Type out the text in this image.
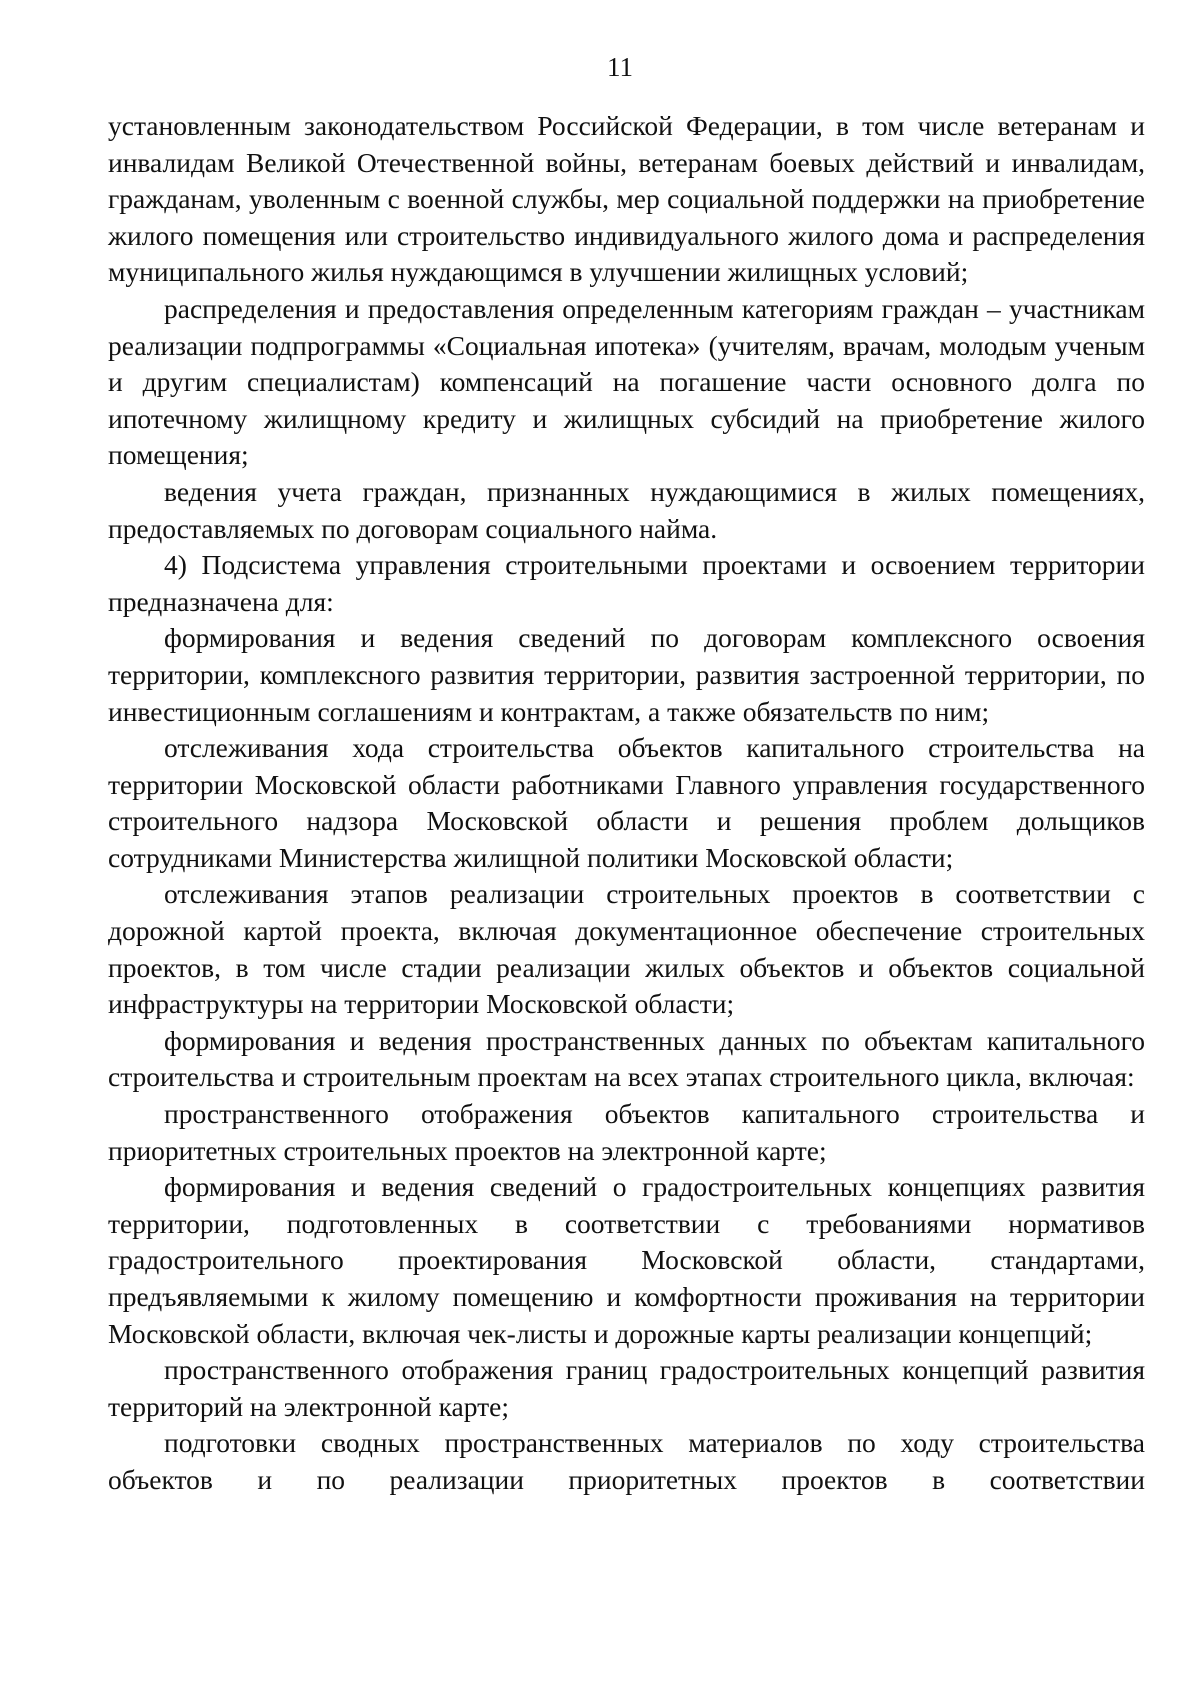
11

установленным законодательством Российской Федерации, в том числе ветеранам и инвалидам Великой Отечественной войны, ветеранам боевых действий и инвалидам, гражданам, уволенным с военной службы, мер социальной поддержки на приобретение жилого помещения или строительство индивидуального жилого дома и распределения муниципального жилья нуждающимся в улучшении жилищных условий;

распределения и предоставления определенным категориям граждан – участникам реализации подпрограммы «Социальная ипотека» (учителям, врачам, молодым ученым и другим специалистам) компенсаций на погашение части основного долга по ипотечному жилищному кредиту и жилищных субсидий на приобретение жилого помещения;

ведения учета граждан, признанных нуждающимися в жилых помещениях, предоставляемых по договорам социального найма.

4) Подсистема управления строительными проектами и освоением территории предназначена для:

формирования и ведения сведений по договорам комплексного освоения территории, комплексного развития территории, развития застроенной территории, по инвестиционным соглашениям и контрактам, а также обязательств по ним;

отслеживания хода строительства объектов капитального строительства на территории Московской области работниками Главного управления государственного строительного надзора Московской области и решения проблем дольщиков сотрудниками Министерства жилищной политики Московской области;

отслеживания этапов реализации строительных проектов в соответствии с дорожной картой проекта, включая документационное обеспечение строительных проектов, в том числе стадии реализации жилых объектов и объектов социальной инфраструктуры на территории Московской области;

формирования и ведения пространственных данных по объектам капитального строительства и строительным проектам на всех этапах строительного цикла, включая:

пространственного отображения объектов капитального строительства и приоритетных строительных проектов на электронной карте;

формирования и ведения сведений о градостроительных концепциях развития территории, подготовленных в соответствии с требованиями нормативов градостроительного проектирования Московской области, стандартами, предъявляемыми к жилому помещению и комфортности проживания на территории Московской области, включая чек-листы и дорожные карты реализации концепций;

пространственного отображения границ градостроительных концепций развития территорий на электронной карте;

подготовки сводных пространственных материалов по ходу строительства объектов и по реализации приоритетных проектов в соответствии
